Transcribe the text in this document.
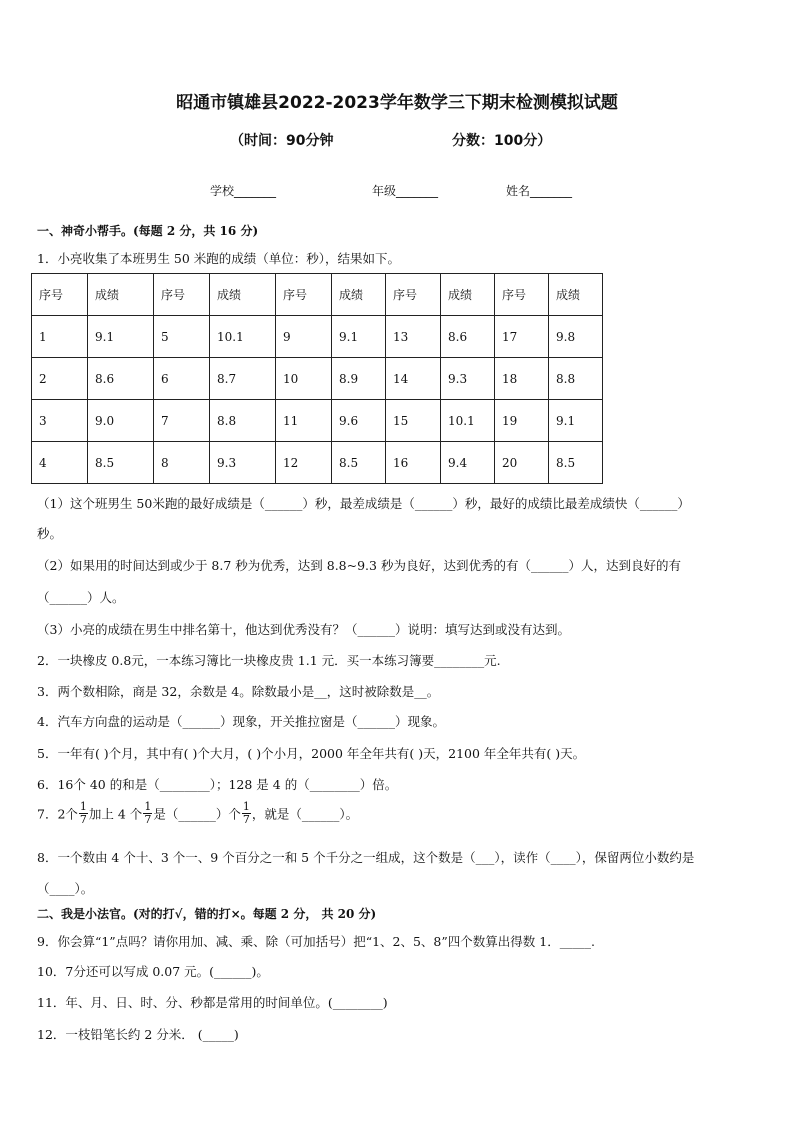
昭通市镇雄县2022-2023学年数学三下期末检测模拟试题
（时间：90分钟	分数：100分）
学校_______	年级_______	姓名_______
一、神奇小帮手。(每题 2 分，共 16 分)
1．小亮收集了本班男生 50 米跑的成绩（单位：秒），结果如下。
序号	成绩	序号	成绩	序号	成绩	序号	成绩	序号	成绩
1	9.1	5	10.1	9	9.1	13	8.6	17	9.8
2	8.6	6	8.7	10	8.9	14	9.3	18	8.8
3	9.0	7	8.8	11	9.6	15	10.1	19	9.1
4	8.5	8	9.3	12	8.5	16	9.4	20	8.5
（1）这个班男生 50米跑的最好成绩是（______）秒，最差成绩是（______）秒，最好的成绩比最差成绩快（______）
秒。
（2）如果用的时间达到或少于 8.7 秒为优秀，达到 8.8~9.3 秒为良好，达到优秀的有（______）人，达到良好的有
（______）人。
（3）小亮的成绩在男生中排名第十，他达到优秀没有？（______）说明：填写达到或没有达到。
2．一块橡皮 0.8元，一本练习簿比一块橡皮贵 1.1 元．买一本练习簿要________元.
3．两个数相除，商是 32，余数是 4。除数最小是__，这时被除数是__。
4．汽车方向盘的运动是（______）现象，开关推拉窗是（______）现象。
5．一年有( )个月，其中有( )个大月，( )个小月，2000 年全年共有( )天，2100 年全年共有( )天。
6．16个 40 的和是（________）；128 是 4 的（________）倍。
7．2个 $\frac{1}{7}$ 加上 4 个 $\frac{1}{7}$ 是（______）个 $\frac{1}{7}$ ，就是（______）。
8．一个数由 4 个十、3 个一、9 个百分之一和 5 个千分之一组成，这个数是（___），读作（____），保留两位小数约是
（____）。
二、我是小法官。(对的打√，错的打×。每题 2 分， 共 20 分)
9．你会算“1”点吗？请你用加、减、乘、除（可加括号）把“1、2、5、8”四个数算出得数 1．_____.
10．7分还可以写成 0.07 元。(______)。
11．年、月、日、时、分、秒都是常用的时间单位。(________)
12．一枝铅笔长约 2 分米． (_____)
